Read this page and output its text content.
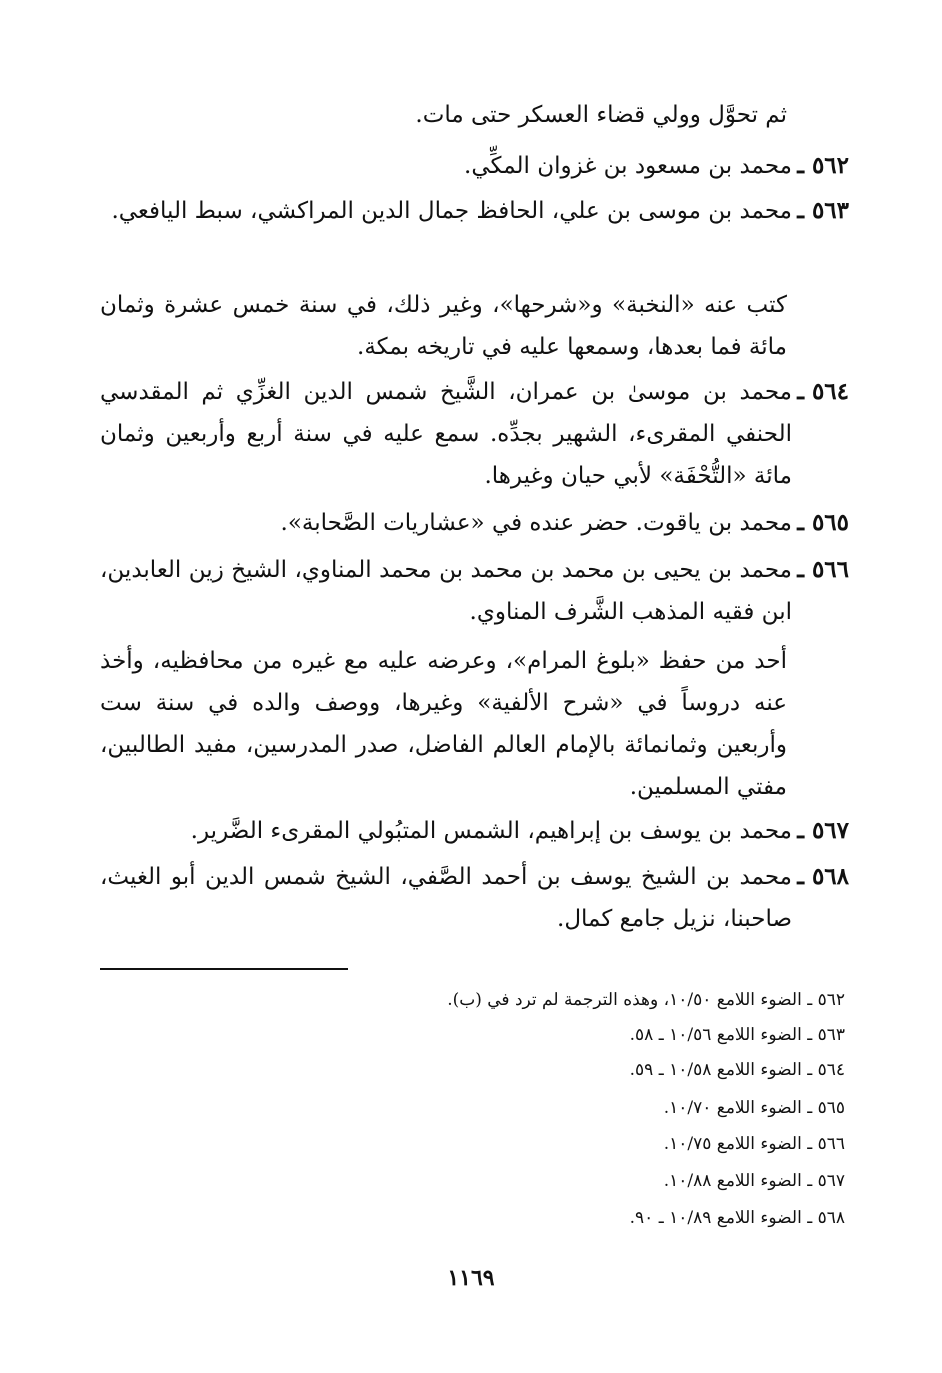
ثم تحوَّل وولي قضاء العسكر حتى مات.
٥٦٢ ـ
محمد بن مسعود بن غزوان المكِّي.
٥٦٣ ـ
محمد بن موسى بن علي، الحافظ جمال الدين المراكشي، سبط اليافعي.
كتب عنه «النخبة» و«شرحها»، وغير ذلك، في سنة خمس عشرة وثمان مائة فما بعدها، وسمعها عليه في تاريخه بمكة.
٥٦٤ ـ
محمد بن موسىٰ بن عمران، الشَّيخ شمس الدين الغزِّي ثم المقدسي الحنفي المقرىء، الشهير بجدِّه. سمع عليه في سنة أربع وأربعين وثمان مائة «التُّحْفَة» لأبي حيان وغيرها.
٥٦٥ ـ
محمد بن ياقوت. حضر عنده في «عشاريات الصَّحابة».
٥٦٦ ـ
محمد بن يحيى بن محمد بن محمد بن محمد المناوي، الشيخ زين العابدين، ابن فقيه المذهب الشَّرف المناوي.
أحد من حفظ «بلوغ المرام»، وعرضه عليه مع غيره من محافظيه، وأخذ عنه دروساً في «شرح الألفية» وغيرها، ووصف والده في سنة ست وأربعين وثمانمائة بالإمام العالم الفاضل، صدر المدرسين، مفيد الطالبين، مفتي المسلمين.
٥٦٧ ـ
محمد بن يوسف بن إبراهيم، الشمس المتبُولي المقرىء الضَّرير.
٥٦٨ ـ
محمد بن الشيخ يوسف بن أحمد الصَّفي، الشيخ شمس الدين أبو الغيث، صاحبنا، نزيل جامع كمال.
٥٦٢ ـ الضوء اللامع ١٠/٥٠، وهذه الترجمة لم ترد في (ب).
٥٦٣ ـ الضوء اللامع ١٠/٥٦ ـ ٥٨.
٥٦٤ ـ الضوء اللامع ١٠/٥٨ ـ ٥٩.
٥٦٥ ـ الضوء اللامع ١٠/٧٠.
٥٦٦ ـ الضوء اللامع ١٠/٧٥.
٥٦٧ ـ الضوء اللامع ١٠/٨٨.
٥٦٨ ـ الضوء اللامع ١٠/٨٩ ـ ٩٠.
١١٦٩
